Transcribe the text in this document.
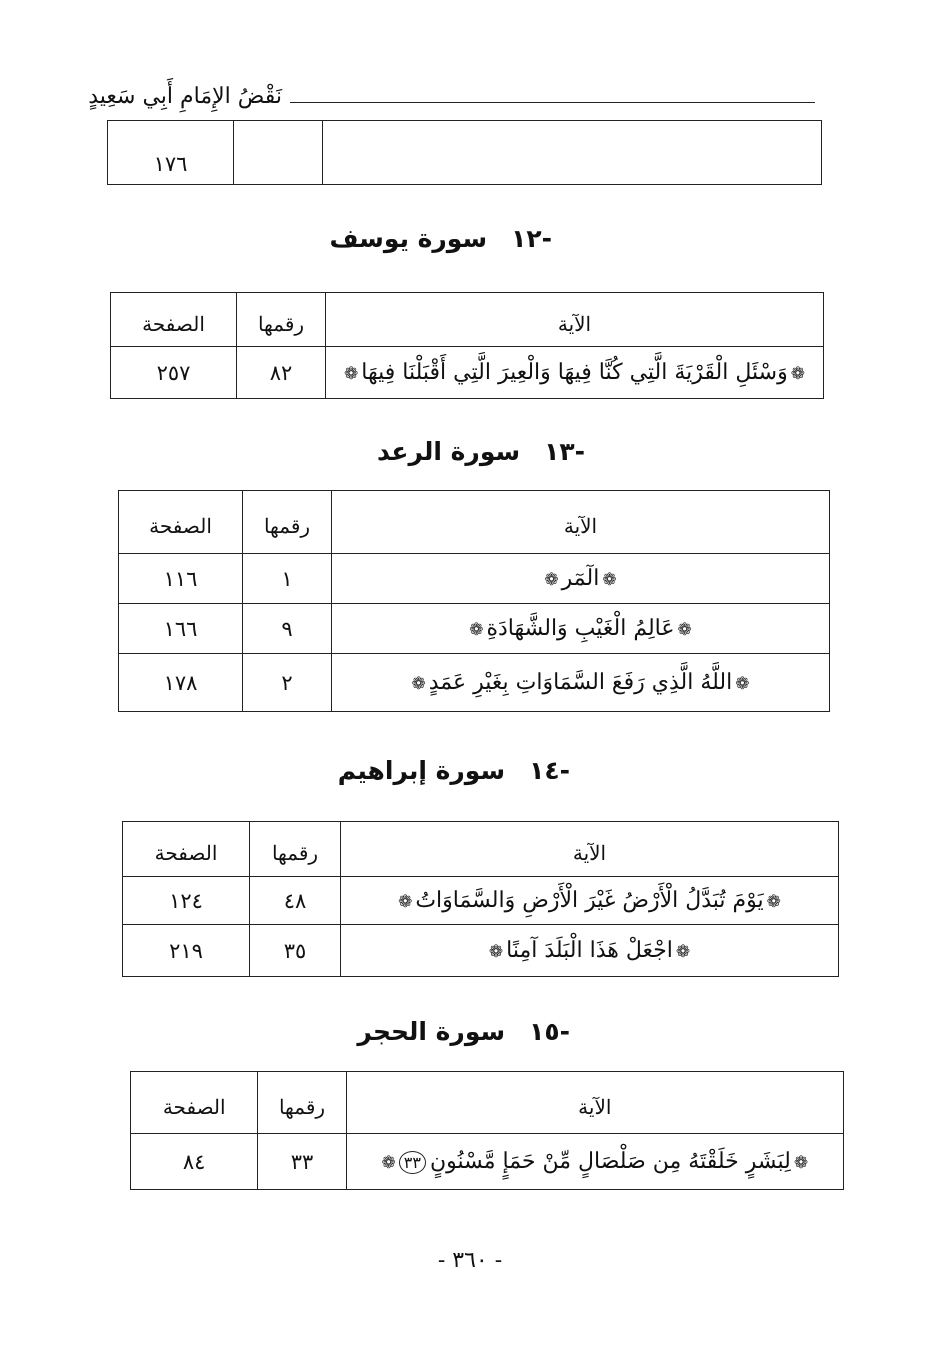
نَقْضُ الإِمَامِ أَبِي سَعِيدٍ
		١٧٦
-١٢سورة يوسف
الآية	رقمها	الصفحة
❁وَسْئَلِ الْقَرْيَةَ الَّتِي كُنَّا فِيهَا وَالْعِيرَ الَّتِي أَقْبَلْنَا فِيهَا❁	٨٢	٢٥٧
-١٣سورة الرعد
الآية	رقمها	الصفحة
❁الٓمٓر❁	١	١١٦
❁عَالِمُ الْغَيْبِ وَالشَّهَادَةِ❁	٩	١٦٦
❁اللَّهُ الَّذِي رَفَعَ السَّمَاوَاتِ بِغَيْرِ عَمَدٍ❁	٢	١٧٨
-١٤سورة إبراهيم
الآية	رقمها	الصفحة
❁يَوْمَ تُبَدَّلُ الْأَرْضُ غَيْرَ الْأَرْضِ وَالسَّمَاوَاتُ❁	٤٨	١٢٤
❁اجْعَلْ هَذَا الْبَلَدَ آمِنًا❁	٣٥	٢١٩
-١٥سورة الحجر
الآية	رقمها	الصفحة
❁لِبَشَرٍ خَلَقْتَهُ مِن صَلْصَالٍ مِّنْ حَمَإٍ مَّسْنُونٍ٣٣❁	٣٣	٨٤
- ٣٦٠ -
